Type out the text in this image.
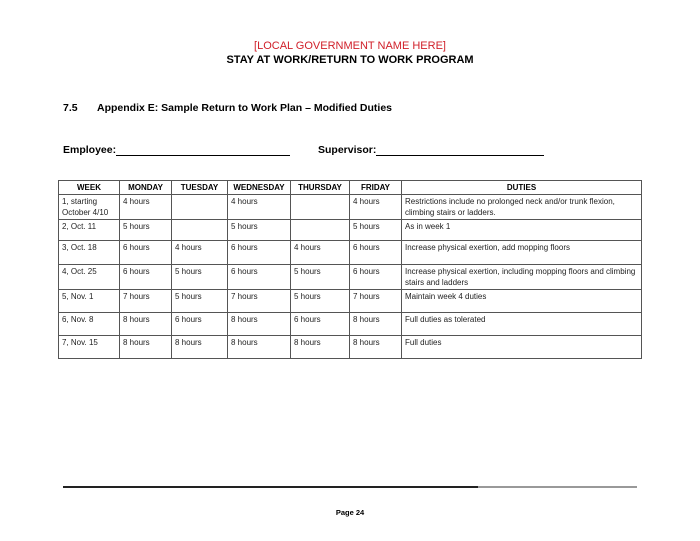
[LOCAL GOVERNMENT NAME HERE]
STAY AT WORK/RETURN TO WORK PROGRAM
7.5 Appendix E: Sample Return to Work Plan – Modified Duties
Employee:	Supervisor:
WEEK	MONDAY	TUESDAY	WEDNESDAY	THURSDAY	FRIDAY	DUTIES
1, starting October 4/10	4 hours		4 hours		4 hours	Restrictions include no prolonged neck and/or trunk flexion, climbing stairs or ladders.
2, Oct. 11	5 hours		5 hours		5 hours	As in week 1
3, Oct. 18	6 hours	4 hours	6 hours	4 hours	6 hours	Increase physical exertion, add mopping floors
4, Oct. 25	6 hours	5 hours	6 hours	5 hours	6 hours	Increase physical exertion, including mopping floors and climbing stairs and ladders
5, Nov. 1	7 hours	5 hours	7 hours	5 hours	7 hours	Maintain week 4 duties
6, Nov. 8	8 hours	6 hours	8 hours	6 hours	8 hours	Full duties as tolerated
7, Nov. 15	8 hours	8 hours	8 hours	8 hours	8 hours	Full duties
Page 24
